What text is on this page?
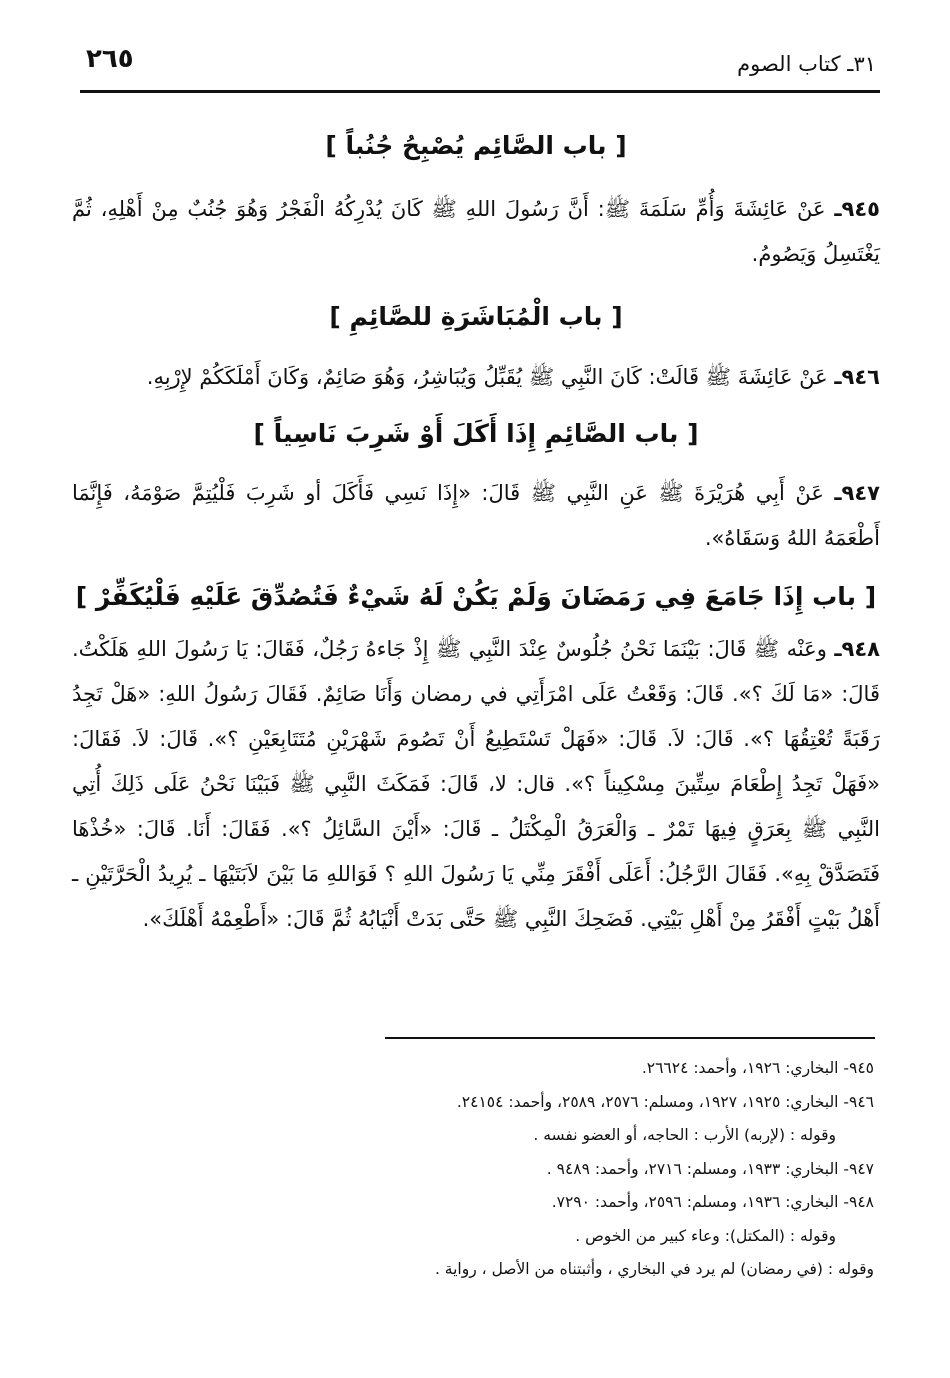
٢٦٥	٣١ـ كتاب الصوم

[ باب الصَّائِم يُصْبِحُ جُنُباً ]

٩٤٥ـ عَنْ عَائِشَةَ وَأُمِّ سَلَمَةَ ﷺ: أَنَّ رَسُولَ اللهِ ﷺ كَانَ يُدْرِكُهُ الْفَجْرُ وَهُوَ جُنُبٌ مِنْ أَهْلِهِ، ثُمَّ يَغْتَسِلُ وَيَصُومُ.

[ باب الْمُبَاشَرَةِ للصَّائِمِ ]

٩٤٦ـ عَنْ عَائِشَةَ ﷺ قَالَتْ: كَانَ النَّبِي ﷺ يُقَبِّلُ وَيُبَاشِرُ، وَهُوَ صَائِمٌ، وَكَانَ أَمْلَكَكُمْ لإِرْبِهِ.

[ باب الصَّائِمِ إِذَا أَكَلَ أَوْ شَرِبَ نَاسِياً ]

٩٤٧ـ عَنْ أَبِي هُرَيْرَةَ ﷺ عَنِ النَّبِي ﷺ قَالَ: «إِذَا نَسِي فَأَكَلَ أو شَرِبَ فَلْيُتِمَّ صَوْمَهُ، فَإِنَّمَا أَطْعَمَهُ اللهُ وَسَقَاهُ».

[ باب إِذَا جَامَعَ فِي رَمَضَانَ وَلَمْ يَكُنْ لَهُ شَيْءٌ فَتُصُدِّقَ عَلَيْهِ فَلْيُكَفِّرْ ]

٩٤٨ـ وعَنْه ﷺ قَالَ: بَيْنَمَا نَحْنُ جُلُوسٌ عِنْدَ النَّبِي ﷺ إِذْ جَاءهُ رَجُلٌ، فَقَالَ: يَا رَسُولَ اللهِ هَلَكْتُ. قَالَ: «مَا لَكَ ؟». قَالَ: وَقَعْتُ عَلَى امْرَأَتِي في رمضان وَأَنَا صَائِمٌ. فَقَالَ رَسُولُ اللهِ: «هَلْ تَجِدُ رَقَبَةً تُعْتِقُهَا ؟». قَالَ: لاَ. قَالَ: «فَهَلْ تَسْتَطِيعُ أَنْ تَصُومَ شَهْرَيْنِ مُتَتَابِعَيْنِ ؟». قَالَ: لاَ. فَقَالَ: «فَهَلْ تَجِدُ إِطْعَامَ سِتِّينَ مِسْكِيناً ؟». قال: لا، قَالَ: فَمَكَثَ النَّبِي ﷺ فَبَيْنَا نَحْنُ عَلَى ذَلِكَ أُتِي النَّبِي ﷺ بِعَرَقٍ فِيهَا تَمْرٌ ـ وَالْعَرَقُ الْمِكْتَلُ ـ قَالَ: «أَيْنَ السَّائِلُ ؟». فَقَالَ: أَنَا. قَالَ: «خُذْهَا فَتَصَدَّقْ بِهِ». فَقَالَ الرَّجُلُ: أَعَلَى أَفْقَرَ مِنِّي يَا رَسُولَ اللهِ ؟ فَوَاللهِ مَا بَيْنَ لاَبَتَيْهَا ـ يُرِيدُ الْحَرَّتَيْنِ ـ أَهْلُ بَيْتٍ أَفْقَرُ مِنْ أَهْلِ بَيْتِي. فَضَحِكَ النَّبِي ﷺ حَتَّى بَدَتْ أَنْيَابُهُ ثُمَّ قَالَ: «أَطْعِمْهُ أَهْلَكَ».

٩٤٥- البخاري: ١٩٢٦، وأحمد: ٢٦٦٢٤.

٩٤٦- البخاري: ١٩٢٥، ١٩٢٧، ومسلم: ٢٥٧٦، ٢٥٨٩، وأحمد: ٢٤١٥٤.

وقوله : (لإربه) الأرب : الحاجه، أو العضو نفسه .

٩٤٧- البخاري: ١٩٣٣، ومسلم: ٢٧١٦، وأحمد: ٩٤٨٩ .

٩٤٨- البخاري: ١٩٣٦، ومسلم: ٢٥٩٦، وأحمد: ٧٢٩٠.

وقوله : (المكتل): وعاء كبير من الخوص .

وقوله : (في رمضان) لم يرد في البخاري ، وأثبتناه من الأصل ، رواية .
